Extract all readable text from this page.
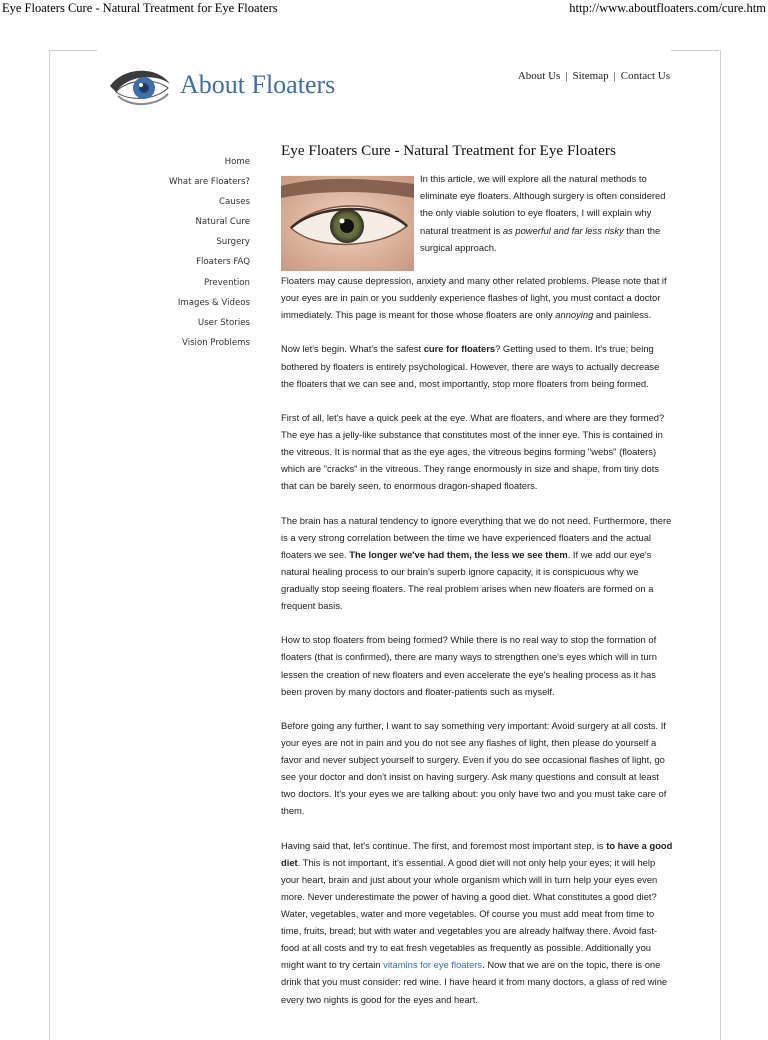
Eye Floaters Cure - Natural Treatment for Eye Floaters	http://www.aboutfloaters.com/cure.htm
About Floaters	About Us | Sitemap | Contact Us
Home
What are Floaters?
Causes
Natural Cure
Surgery
Floaters FAQ
Prevention
Images & Videos
User Stories
Vision Problems
Eye Floaters Cure - Natural Treatment for Eye Floaters
In this article, we will explore all the natural methods to eliminate eye floaters. Although surgery is often considered the only viable solution to eye floaters, I will explain why natural treatment is as powerful and far less risky than the surgical approach.

Floaters may cause depression, anxiety and many other related problems. Please note that if your eyes are in pain or you suddenly experience flashes of light, you must contact a doctor immediately. This page is meant for those whose floaters are only annoying and painless.

Now let's begin. What's the safest cure for floaters? Getting used to them. It's true; being bothered by floaters is entirely psychological. However, there are ways to actually decrease the floaters that we can see and, most importantly, stop more floaters from being formed.

First of all, let's have a quick peek at the eye. What are floaters, and where are they formed? The eye has a jelly-like substance that constitutes most of the inner eye. This is contained in the vitreous. It is normal that as the eye ages, the vitreous begins forming "webs" (floaters) which are "cracks" in the vitreous. They range enormously in size and shape, from tiny dots that can be barely seen, to enormous dragon-shaped floaters.

The brain has a natural tendency to ignore everything that we do not need. Furthermore, there is a very strong correlation between the time we have experienced floaters and the actual floaters we see. The longer we've had them, the less we see them. If we add our eye's natural healing process to our brain's superb ignore capacity, it is conspicuous why we gradually stop seeing floaters. The real problem arises when new floaters are formed on a frequent basis.

How to stop floaters from being formed? While there is no real way to stop the formation of floaters (that is confirmed), there are many ways to strengthen one's eyes which will in turn lessen the creation of new floaters and even accelerate the eye's healing process as it has been proven by many doctors and floater-patients such as myself.

Before going any further, I want to say something very important: Avoid surgery at all costs. If your eyes are not in pain and you do not see any flashes of light, then please do yourself a favor and never subject yourself to surgery. Even if you do see occasional flashes of light, go see your doctor and don't insist on having surgery. Ask many questions and consult at least two doctors. It's your eyes we are talking about: you only have two and you must take care of them.

Having said that, let's continue. The first, and foremost most important step, is to have a good diet. This is not important, it's essential. A good diet will not only help your eyes; it will help your heart, brain and just about your whole organism which will in turn help your eyes even more. Never underestimate the power of having a good diet. What constitutes a good diet? Water, vegetables, water and more vegetables. Of course you must add meat from time to time, fruits, bread; but with water and vegetables you are already halfway there. Avoid fast-food at all costs and try to eat fresh vegetables as frequently as possible. Additionally you might want to try certain vitamins for eye floaters. Now that we are on the topic, there is one drink that you must consider: red wine. I have heard it from many doctors, a glass of red wine every two nights is good for the eyes and heart.
